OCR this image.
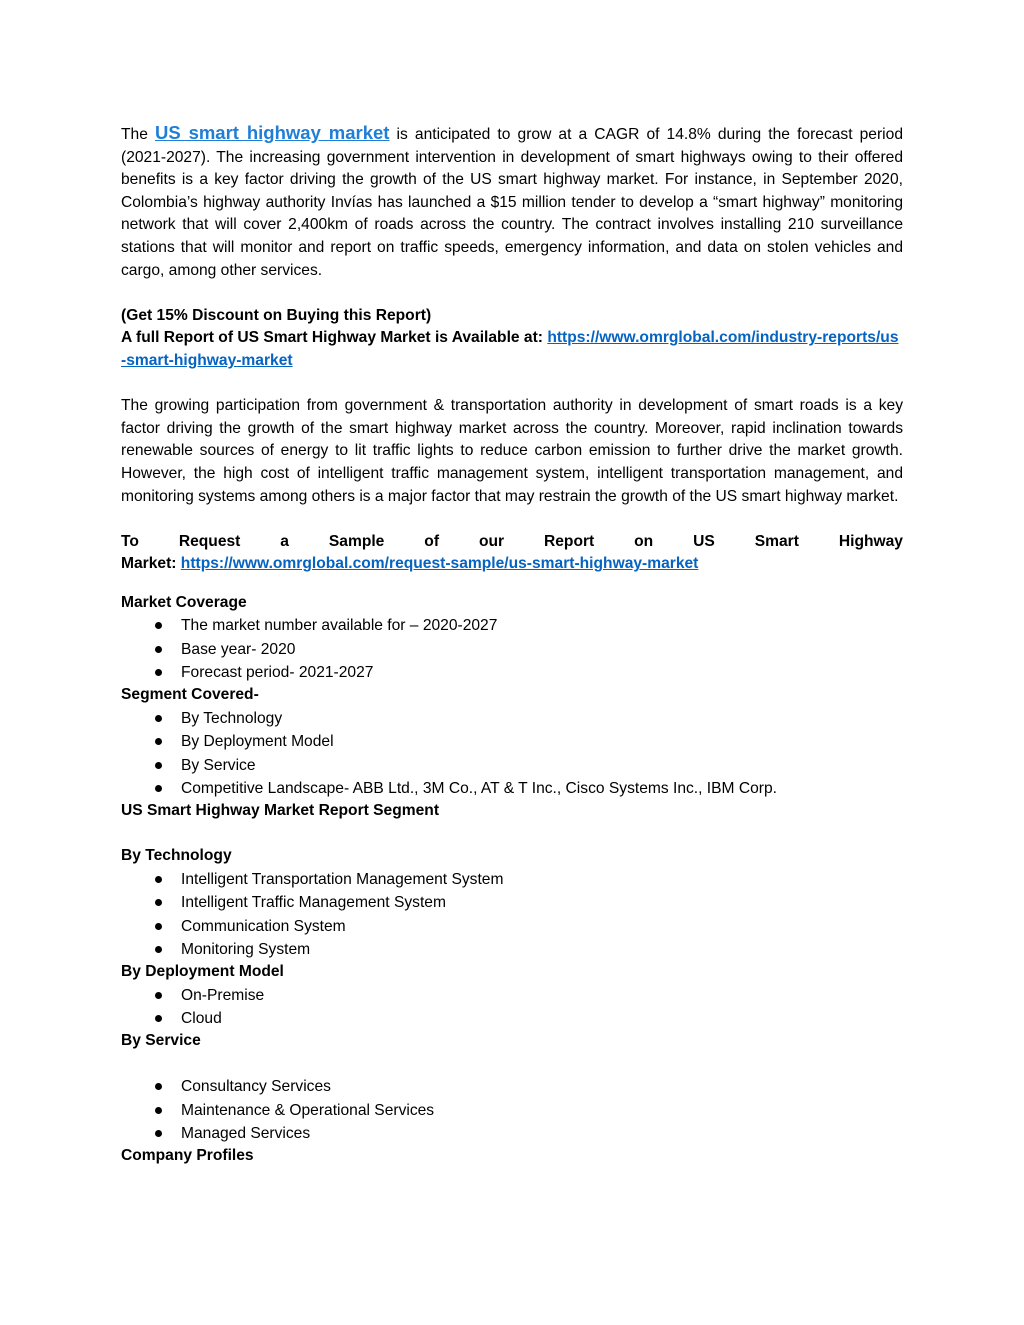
The US smart highway market is anticipated to grow at a CAGR of 14.8% during the forecast period (2021-2027). The increasing government intervention in development of smart highways owing to their offered benefits is a key factor driving the growth of the US smart highway market. For instance, in September 2020, Colombia’s highway authority Invías has launched a $15 million tender to develop a “smart highway” monitoring network that will cover 2,400km of roads across the country. The contract involves installing 210 surveillance stations that will monitor and report on traffic speeds, emergency information, and data on stolen vehicles and cargo, among other services.

(Get 15% Discount on Buying this Report)

A full Report of US Smart Highway Market is Available at: https://www.omrglobal.com/industry-reports/us-smart-highway-market

The growing participation from government & transportation authority in development of smart roads is a key factor driving the growth of the smart highway market across the country. Moreover, rapid inclination towards renewable sources of energy to lit traffic lights to reduce carbon emission to further drive the market growth. However, the high cost of intelligent traffic management system, intelligent transportation management, and monitoring systems among others is a major factor that may restrain the growth of the US smart highway market.

To	Request	a	Sample	of	our	Report	on	US	Smart	Highway

Market: https://www.omrglobal.com/request-sample/us-smart-highway-market

Market Coverage

The market number available for – 2020-2027
Base year- 2020
Forecast period- 2021-2027

Segment Covered-

By Technology
By Deployment Model
By Service
Competitive Landscape- ABB Ltd., 3M Co., AT & T Inc., Cisco Systems Inc., IBM Corp.

US Smart Highway Market Report Segment

By Technology

Intelligent Transportation Management System
Intelligent Traffic Management System
Communication System
Monitoring System

By Deployment Model

On-Premise
Cloud

By Service

Consultancy Services
Maintenance & Operational Services
Managed Services

Company Profiles
